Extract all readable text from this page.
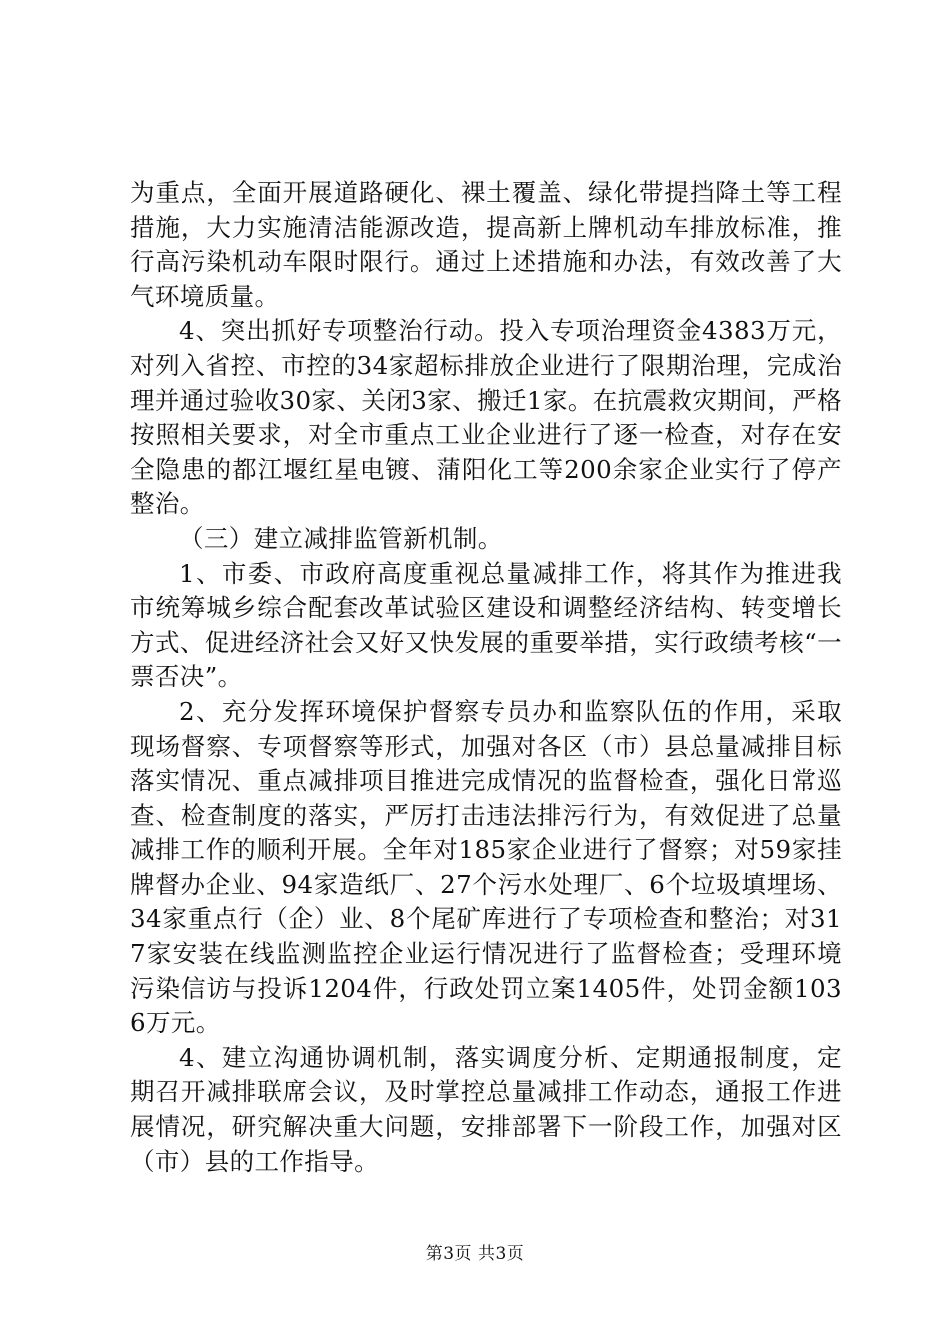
为重点，全面开展道路硬化、裸土覆盖、绿化带提挡降土等工程措施，大力实施清洁能源改造，提高新上牌机动车排放标准，推行高污染机动车限时限行。通过上述措施和办法，有效改善了大气环境质量。

4、突出抓好专项整治行动。投入专项治理资金4383万元，对列入省控、市控的34家超标排放企业进行了限期治理，完成治理并通过验收30家、关闭3家、搬迁1家。在抗震救灾期间，严格按照相关要求，对全市重点工业企业进行了逐一检查，对存在安全隐患的都江堰红星电镀、蒲阳化工等200余家企业实行了停产整治。

（三）建立减排监管新机制。

1、市委、市政府高度重视总量减排工作，将其作为推进我市统筹城乡综合配套改革试验区建设和调整经济结构、转变增长方式、促进经济社会又好又快发展的重要举措，实行政绩考核“一票否决”。

2、充分发挥环境保护督察专员办和监察队伍的作用，采取现场督察、专项督察等形式，加强对各区（市）县总量减排目标落实情况、重点减排项目推进完成情况的监督检查，强化日常巡查、检查制度的落实，严厉打击违法排污行为，有效促进了总量减排工作的顺利开展。全年对185家企业进行了督察；对59家挂牌督办企业、94家造纸厂、27个污水处理厂、6个垃圾填埋场、34家重点行（企）业、8个尾矿库进行了专项检查和整治；对317家安装在线监测监控企业运行情况进行了监督检查；受理环境污染信访与投诉1204件，行政处罚立案1405件，处罚金额1036万元。

4、建立沟通协调机制，落实调度分析、定期通报制度，定期召开减排联席会议，及时掌控总量减排工作动态，通报工作进展情况，研究解决重大问题，安排部署下一阶段工作，加强对区（市）县的工作指导。

第3页 共3页
